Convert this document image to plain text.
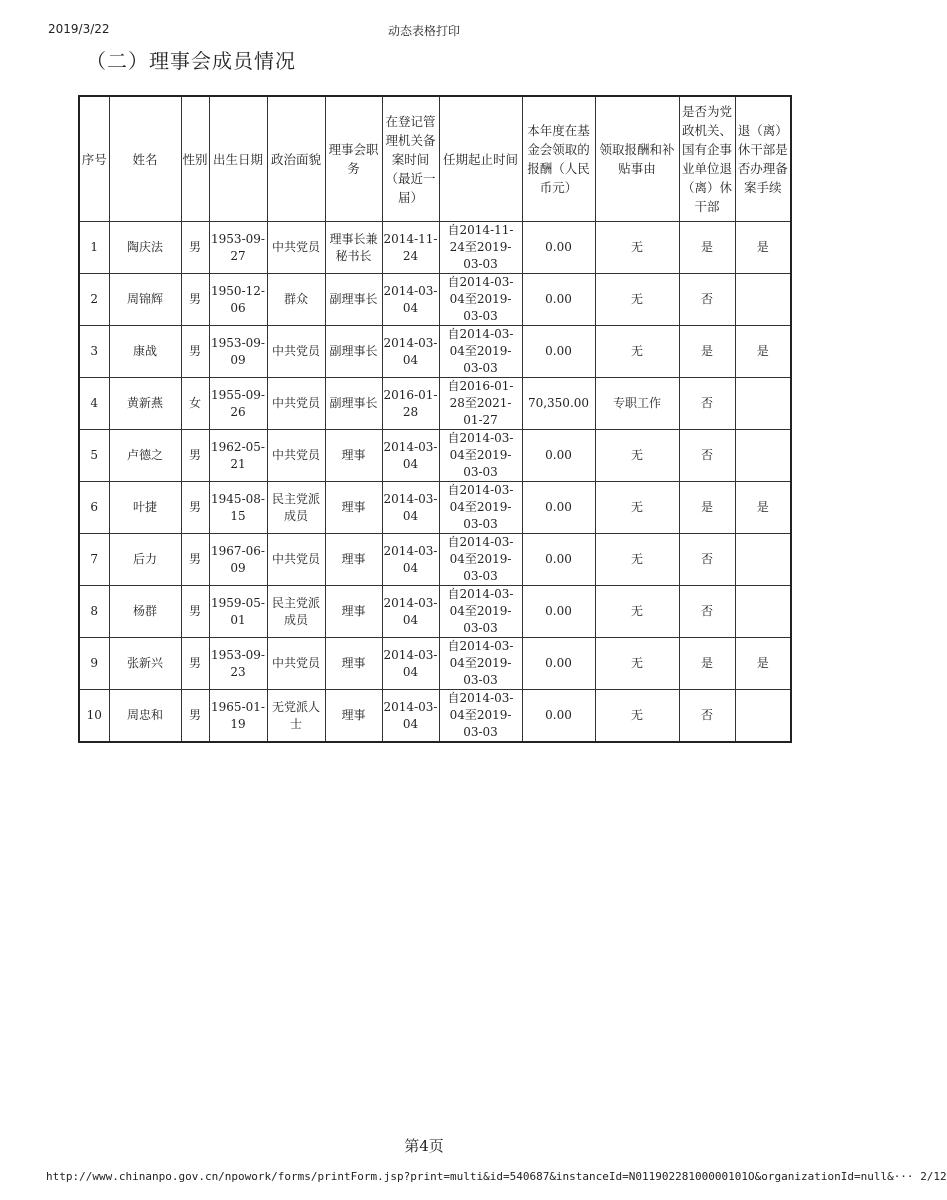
2019/3/22	动态表格打印
（二）理事会成员情况
序号	姓名	性别	出生日期	政治面貌	理事会职务	在登记管理机关备案时间（最近一届）	任期起止时间	本年度在基金会领取的报酬（人民币元）	领取报酬和补贴事由	是否为党政机关、国有企事业单位退（离）休干部	退（离）休干部是否办理备案手续
1	陶庆法	男	1953-09-27	中共党员	理事长兼秘书长	2014-11-24	自2014-11-24至2019-03-03	0.00	无	是	是
2	周锦辉	男	1950-12-06	群众	副理事长	2014-03-04	自2014-03-04至2019-03-03	0.00	无	否	
3	康战	男	1953-09-09	中共党员	副理事长	2014-03-04	自2014-03-04至2019-03-03	0.00	无	是	是
4	黄新燕	女	1955-09-26	中共党员	副理事长	2016-01-28	自2016-01-28至2021-01-27	70,350.00	专职工作	否	
5	卢德之	男	1962-05-21	中共党员	理事	2014-03-04	自2014-03-04至2019-03-03	0.00	无	否	
6	叶捷	男	1945-08-15	民主党派成员	理事	2014-03-04	自2014-03-04至2019-03-03	0.00	无	是	是
7	后力	男	1967-06-09	中共党员	理事	2014-03-04	自2014-03-04至2019-03-03	0.00	无	否	
8	杨群	男	1959-05-01	民主党派成员	理事	2014-03-04	自2014-03-04至2019-03-03	0.00	无	否	
9	张新兴	男	1953-09-23	中共党员	理事	2014-03-04	自2014-03-04至2019-03-03	0.00	无	是	是
10	周忠和	男	1965-01-19	无党派人士	理事	2014-03-04	自2014-03-04至2019-03-03	0.00	无	否	
第4页
http://www.chinanpo.gov.cn/npowork/forms/printForm.jsp?print=multi&id=540687&instanceId=N01190228100000101O&organizationId=null&··· 2/12
